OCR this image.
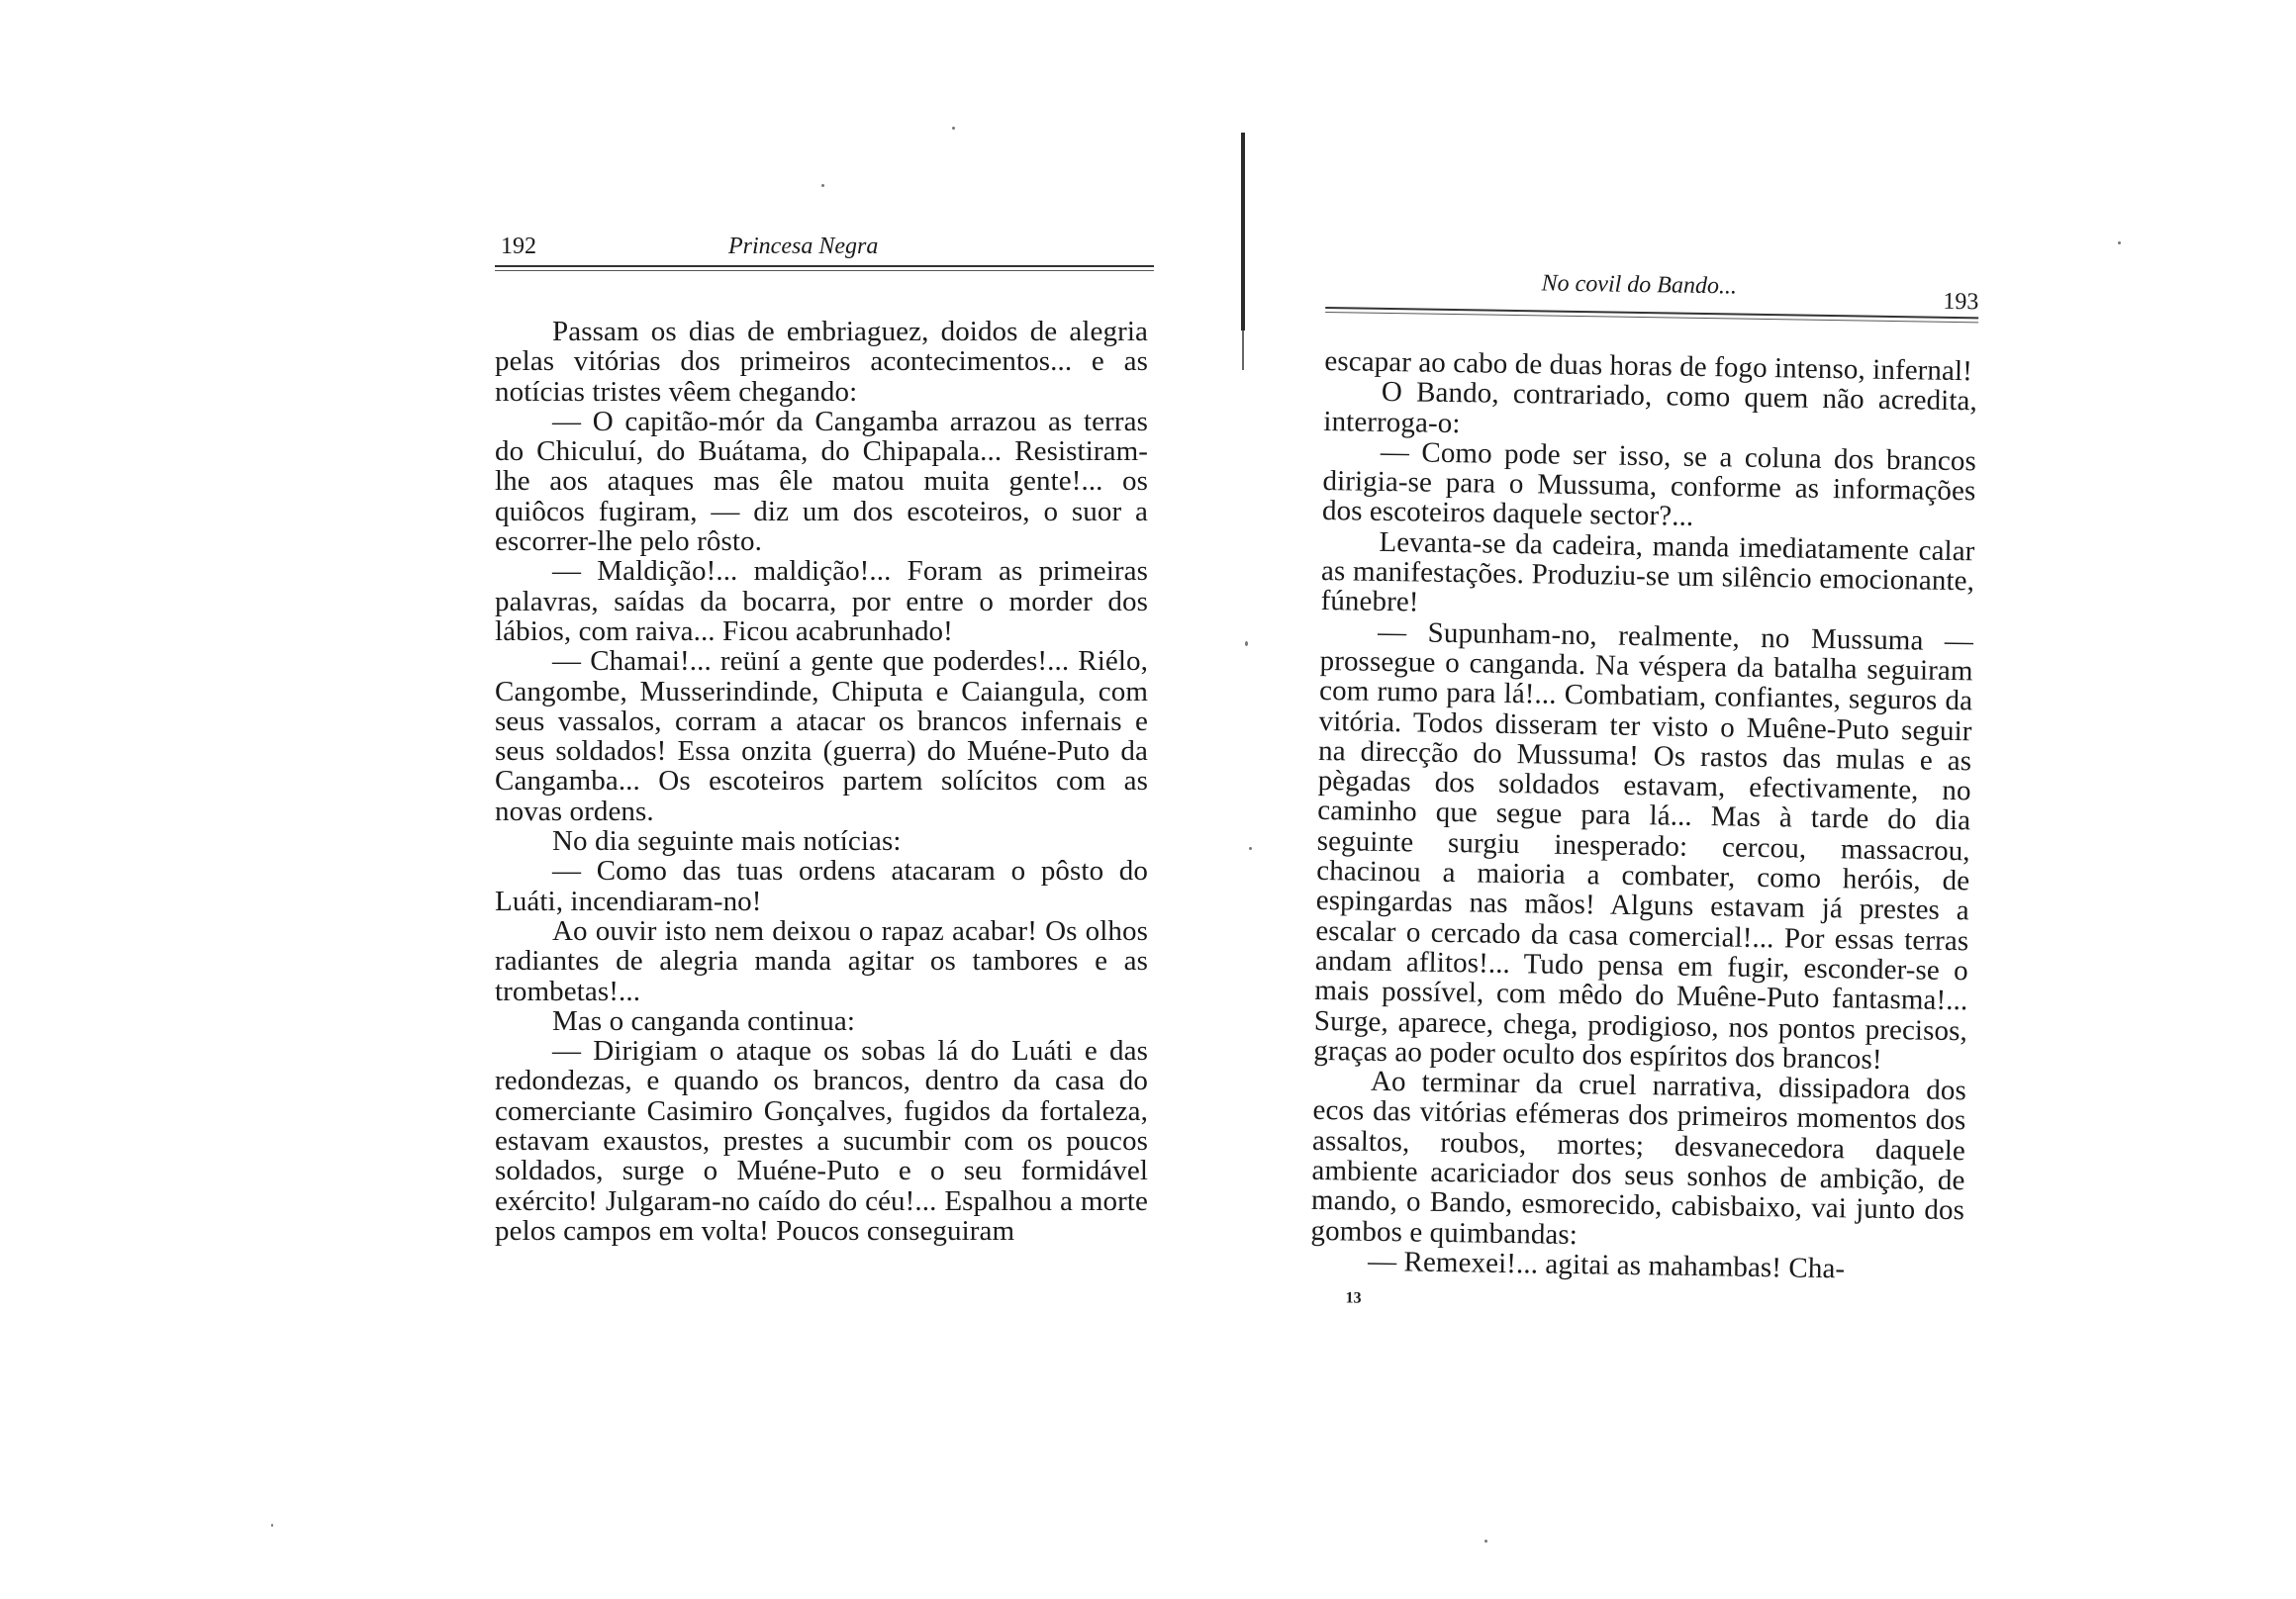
192	Princesa Negra

Passam os dias de embriaguez, doidos de alegria pelas vitórias dos primeiros acontecimentos... e as notícias tristes vêem chegando:

— O capitão-mór da Cangamba arrazou as terras do Chiculuí, do Buátama, do Chipapala... Resistiram-lhe aos ataques mas êle matou muita gente!... os quiôcos fugiram, — diz um dos escoteiros, o suor a escorrer-lhe pelo rôsto.

— Maldição!... maldição!... Foram as primeiras palavras, saídas da bocarra, por entre o morder dos lábios, com raiva... Ficou acabrunhado!

— Chamai!... reüní a gente que poderdes!... Riélo, Cangombe, Musserindinde, Chiputa e Caiangula, com seus vassalos, corram a atacar os brancos infernais e seus soldados! Essa onzita (guerra) do Muéne-Puto da Cangamba... Os escoteiros partem solícitos com as novas ordens.

No dia seguinte mais notícias:

— Como das tuas ordens atacaram o pôsto do Luáti, incendiaram-no!

Ao ouvir isto nem deixou o rapaz acabar! Os olhos radiantes de alegria manda agitar os tambores e as trombetas!...

Mas o canganda continua:

— Dirigiam o ataque os sobas lá do Luáti e das redondezas, e quando os brancos, dentro da casa do comerciante Casimiro Gonçalves, fugidos da fortaleza, estavam exaustos, prestes a sucumbir com os poucos soldados, surge o Muéne-Puto e o seu formidável exército! Julgaram-no caído do céu!... Espalhou a morte pelos campos em volta! Poucos conseguiram

No covil do Bando...
193

escapar ao cabo de duas horas de fogo intenso, infernal!

O Bando, contrariado, como quem não acredita, interroga-o:

— Como pode ser isso, se a coluna dos brancos dirigia-se para o Mussuma, conforme as informações dos escoteiros daquele sector?...

Levanta-se da cadeira, manda imediatamente calar as manifestações. Produziu-se um silêncio emocionante, fúnebre!

— Supunham-no, realmente, no Mussuma — prossegue o canganda. Na véspera da batalha seguiram com rumo para lá!... Combatiam, confiantes, seguros da vitória. Todos disseram ter visto o Muêne-Puto seguir na direcção do Mussuma! Os rastos das mulas e as pègadas dos soldados estavam, efectivamente, no caminho que segue para lá... Mas à tarde do dia seguinte surgiu inesperado: cercou, massacrou, chacinou a maioria a combater, como heróis, de espingardas nas mãos! Alguns estavam já prestes a escalar o cercado da casa comercial!... Por essas terras andam aflitos!... Tudo pensa em fugir, esconder-se o mais possível, com mêdo do Muêne-Puto fantasma!... Surge, aparece, chega, prodigioso, nos pontos precisos, graças ao poder oculto dos espíritos dos brancos!

Ao terminar da cruel narrativa, dissipadora dos ecos das vitórias efémeras dos primeiros momentos dos assaltos, roubos, mortes; desvanecedora daquele ambiente acariciador dos seus sonhos de ambição, de mando, o Bando, esmorecido, cabisbaixo, vai junto dos gombos e quimbandas:

— Remexei!... agitai as mahambas! Cha-

13
